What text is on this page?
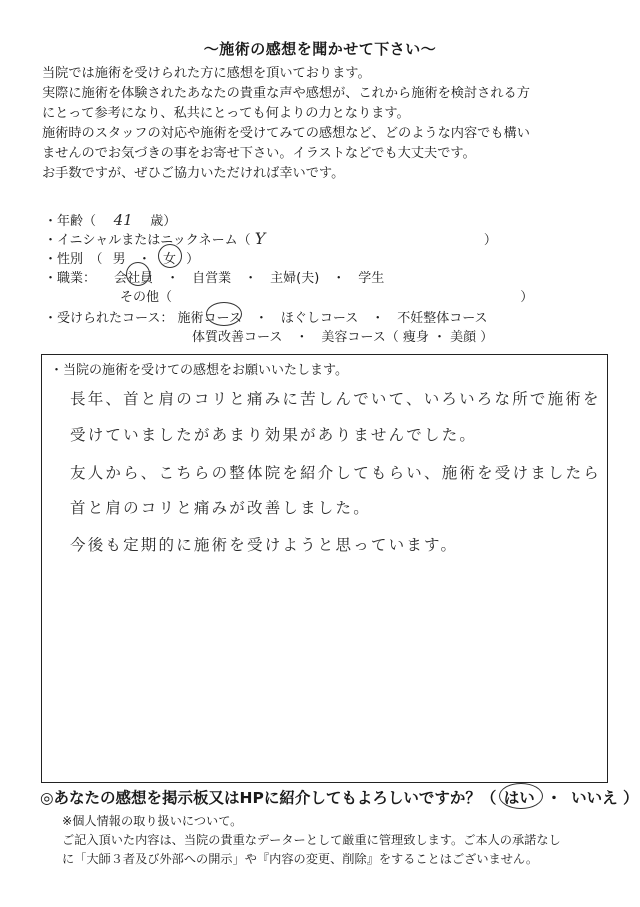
〜施術の感想を聞かせて下さい〜
当院では施術を受けられた方に感想を頂いております。
実際に施術を体験されたあなたの貴重な声や感想が、これから施術を検討される方
にとって参考になり、私共にとっても何よりの力となります。
施術時のスタッフの対応や施術を受けてみての感想など、どのような内容でも構い
ませんのでお気づきの事をお寄せ下さい。イラストなどでも大丈夫です。
お手数ですが、ぜひご協力いただければ幸いです。
・年齢（ 41 歳）
・イニシャルまたはニックネーム（ Y	）
・性別　（ 男 ・ 女 ）
・職業： 会社員　・　自営業　・　主婦(夫)　・　学生
その他（	）
・受けられたコース： 施術コース　・　ほぐしコース　・　不妊整体コース
体質改善コース　・　美容コース（ 痩身 ・ 美顔 ）
・当院の施術を受けての感想をお願いいたします。
長年、首と肩のコリと痛みに苦しんでいて、いろいろな所で施術を
受けていましたがあまり効果がありませんでした。
友人から、こちらの整体院を紹介してもらい、施術を受けましたら
首と肩のコリと痛みが改善しました。
今後も定期的に施術を受けようと思っています。
◎あなたの感想を掲示板又はHPに紹介してもよろしいですか？（ はい ・ いいえ ）
※個人情報の取り扱いについて。
ご記入頂いた内容は、当院の貴重なデーターとして厳重に管理致します。ご本人の承諾なし
に「大師３者及び外部への開示」や『内容の変更、削除』をすることはございません。
